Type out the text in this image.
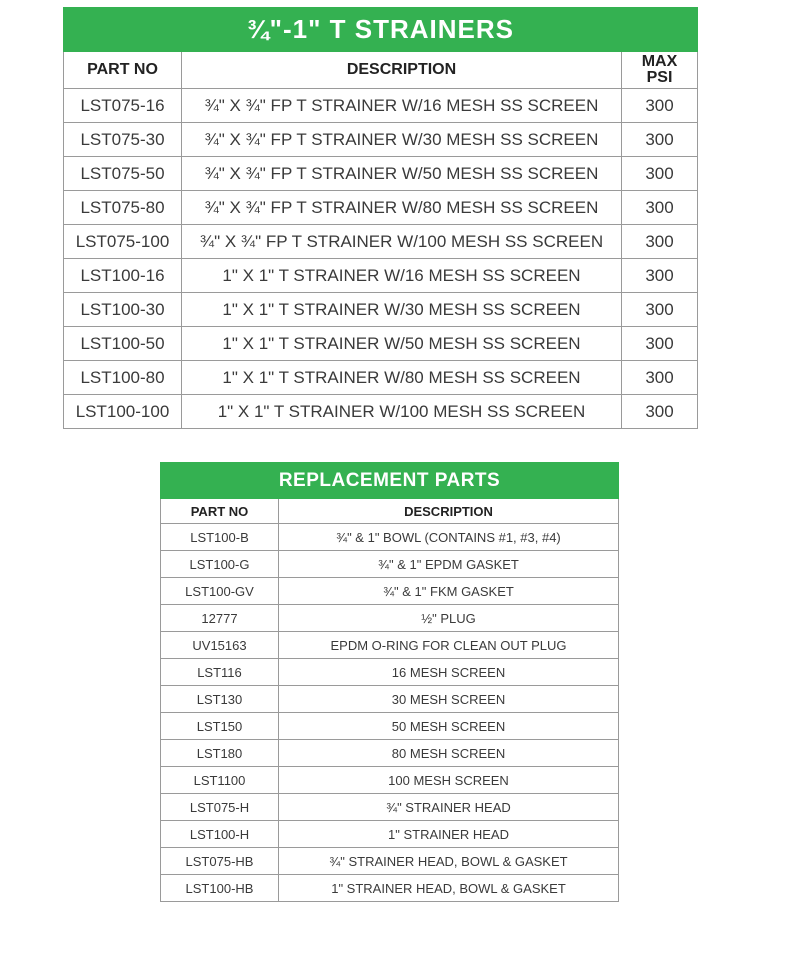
¾"-1" T STRAINERS		
PART NO	DESCRIPTION	MAX
PSI
LST075-16	¾" X ¾" FP T STRAINER W/16 MESH SS SCREEN	300
LST075-30	¾" X ¾" FP T STRAINER W/30 MESH SS SCREEN	300
LST075-50	¾" X ¾" FP T STRAINER W/50 MESH SS SCREEN	300
LST075-80	¾" X ¾" FP T STRAINER W/80 MESH SS SCREEN	300
LST075-100	¾" X ¾" FP T STRAINER W/100 MESH SS SCREEN	300
LST100-16	1" X 1" T STRAINER W/16 MESH SS SCREEN	300
LST100-30	1" X 1" T STRAINER W/30 MESH SS SCREEN	300
LST100-50	1" X 1" T STRAINER W/50 MESH SS SCREEN	300
LST100-80	1" X 1" T STRAINER W/80 MESH SS SCREEN	300
LST100-100	1" X 1" T STRAINER W/100 MESH SS SCREEN	300
REPLACEMENT PARTS	
PART NO	DESCRIPTION
LST100-B	¾" & 1" BOWL (CONTAINS #1, #3, #4)
LST100-G	¾" & 1" EPDM GASKET
LST100-GV	¾" & 1" FKM GASKET
12777	½" PLUG
UV15163	EPDM O-RING FOR CLEAN OUT PLUG
LST116	16 MESH SCREEN
LST130	30 MESH SCREEN
LST150	50 MESH SCREEN
LST180	80 MESH SCREEN
LST1100	100 MESH SCREEN
LST075-H	¾" STRAINER HEAD
LST100-H	1" STRAINER HEAD
LST075-HB	¾" STRAINER HEAD, BOWL & GASKET
LST100-HB	1" STRAINER HEAD, BOWL & GASKET
